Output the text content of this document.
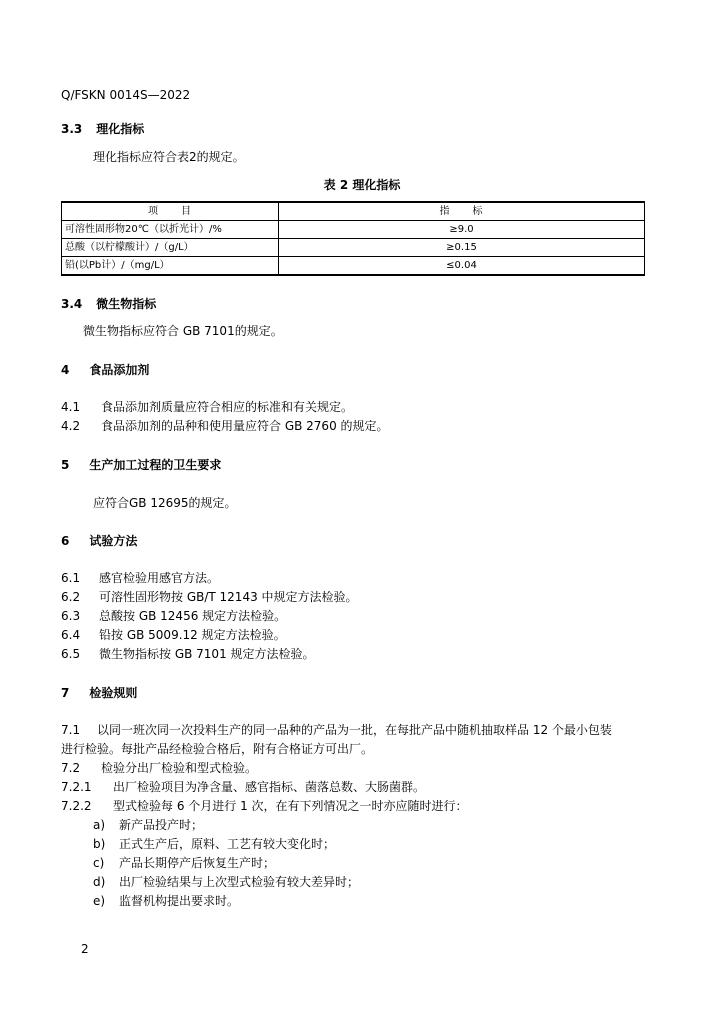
Q/FSKN 0014S—2022
3.3 理化指标
理化指标应符合表2的规定。
表 2 理化指标
项　　目	指　　标
可溶性固形物20℃（以折光计）/%	≥9.0
总酸（以柠檬酸计）/（g/L）	≥0.15
铅(以Pb计）/（mg/L）	≤0.04
3.4 微生物指标
微生物指标应符合 GB 7101的规定。
4 食品添加剂
4.1 食品添加剂质量应符合相应的标准和有关规定。
4.2 食品添加剂的品种和使用量应符合 GB 2760 的规定。
5 生产加工过程的卫生要求
应符合GB 12695的规定。
6 试验方法
6.1 感官检验用感官方法。
6.2 可溶性固形物按 GB/T 12143 中规定方法检验。
6.3 总酸按 GB 12456 规定方法检验。
6.4 铅按 GB 5009.12 规定方法检验。
6.5 微生物指标按 GB 7101 规定方法检验。
7 检验规则
7.1 以同一班次同一次投料生产的同一品种的产品为一批，在每批产品中随机抽取样品 12 个最小包装
进行检验。每批产品经检验合格后，附有合格证方可出厂。
7.2 检验分出厂检验和型式检验。
7.2.1 出厂检验项目为净含量、感官指标、菌落总数、大肠菌群。
7.2.2 型式检验每 6 个月进行 1 次，在有下列情况之一时亦应随时进行：
a) 新产品投产时；
b) 正式生产后，原料、工艺有较大变化时；
c) 产品长期停产后恢复生产时；
d) 出厂检验结果与上次型式检验有较大差异时；
e) 监督机构提出要求时。
2
